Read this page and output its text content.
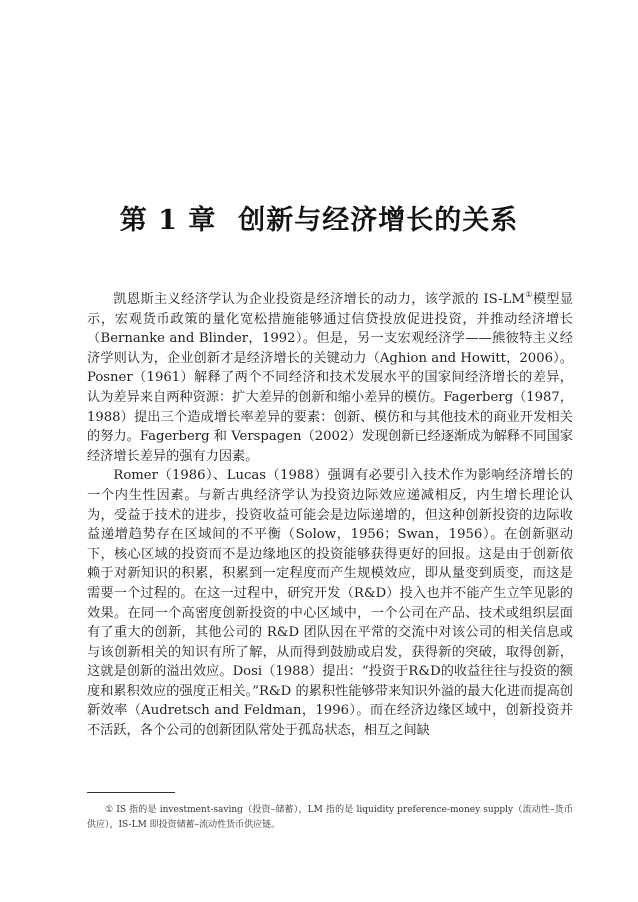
第 1 章 创新与经济增长的关系

凯恩斯主义经济学认为企业投资是经济增长的动力，该学派的 IS-LM①模型显示，宏观货币政策的量化宽松措施能够通过信贷投放促进投资，并推动经济增长（Bernanke and Blinder，1992）。但是，另一支宏观经济学——熊彼特主义经济学则认为，企业创新才是经济增长的关键动力（Aghion and Howitt，2006）。Posner（1961）解释了两个不同经济和技术发展水平的国家间经济增长的差异，认为差异来自两种资源：扩大差异的创新和缩小差异的模仿。Fagerberg（1987，1988）提出三个造成增长率差异的要素：创新、模仿和与其他技术的商业开发相关的努力。Fagerberg 和 Verspagen（2002）发现创新已经逐渐成为解释不同国家经济增长差异的强有力因素。

Romer（1986）、Lucas（1988）强调有必要引入技术作为影响经济增长的一个内生性因素。与新古典经济学认为投资边际效应递减相反，内生增长理论认为，受益于技术的进步，投资收益可能会是边际递增的，但这种创新投资的边际收益递增趋势存在区域间的不平衡（Solow，1956；Swan，1956）。在创新驱动下，核心区域的投资而不是边缘地区的投资能够获得更好的回报。这是由于创新依赖于对新知识的积累，积累到一定程度而产生规模效应，即从量变到质变，而这是需要一个过程的。在这一过程中，研究开发（R&D）投入也并不能产生立竿见影的效果。在同一个高密度创新投资的中心区域中，一个公司在产品、技术或组织层面有了重大的创新，其他公司的 R&D 团队因在平常的交流中对该公司的相关信息或与该创新相关的知识有所了解，从而得到鼓励或启发，获得新的突破，取得创新，这就是创新的溢出效应。Dosi（1988）提出：“投资于R&D的收益往往与投资的额度和累积效应的强度正相关。”R&D 的累积性能够带来知识外溢的最大化进而提高创新效率（Audretsch and Feldman，1996）。而在经济边缘区域中，创新投资并不活跃，各个公司的创新团队常处于孤岛状态，相互之间缺

① IS 指的是 investment-saving（投资–储蓄），LM 指的是 liquidity preference-money supply（流动性–货币供应），IS-LM 即投资储蓄–流动性货币供应链。
